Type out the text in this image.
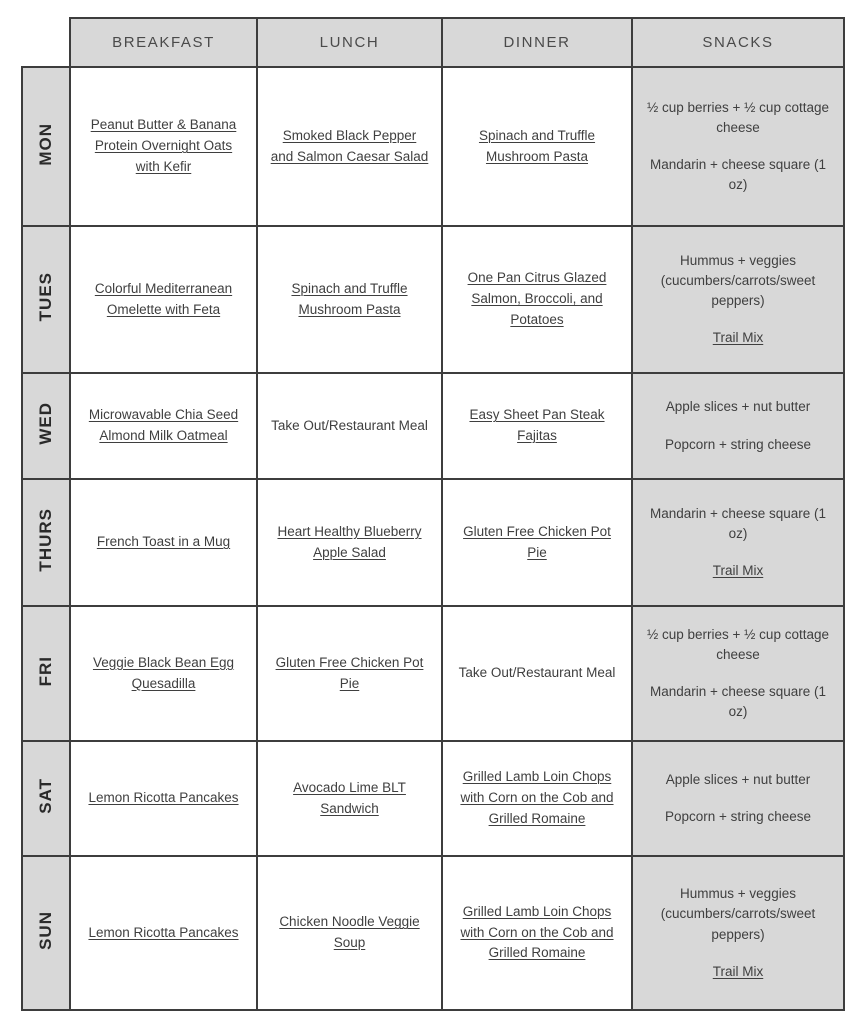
	BREAKFAST	LUNCH	DINNER	SNACKS
MON	Peanut Butter & Banana Protein Overnight Oats with Kefir	Smoked Black Pepper and Salmon Caesar Salad	Spinach and Truffle Mushroom Pasta	½ cup berries + ½ cup cottage cheese
Mandarin + cheese square (1 oz)

TUES	Colorful Mediterranean Omelette with Feta	Spinach and Truffle Mushroom Pasta	One Pan Citrus Glazed Salmon, Broccoli, and Potatoes	Hummus + veggies (cucumbers/carrots/sweet peppers)
Trail Mix

WED	Microwavable Chia Seed Almond Milk Oatmeal	Take Out/Restaurant Meal	Easy Sheet Pan Steak Fajitas	Apple slices + nut butter
Popcorn + string cheese

THURS	French Toast in a Mug	Heart Healthy Blueberry Apple Salad	Gluten Free Chicken Pot Pie	Mandarin + cheese square (1 oz)
Trail Mix

FRI	Veggie Black Bean Egg Quesadilla	Gluten Free Chicken Pot Pie	Take Out/Restaurant Meal	½ cup berries + ½ cup cottage cheese
Mandarin + cheese square (1 oz)

SAT	Lemon Ricotta Pancakes	Avocado Lime BLT Sandwich	Grilled Lamb Loin Chops with Corn on the Cob and Grilled Romaine	Apple slices + nut butter
Popcorn + string cheese

SUN	Lemon Ricotta Pancakes	Chicken Noodle Veggie Soup	Grilled Lamb Loin Chops with Corn on the Cob and Grilled Romaine	Hummus + veggies (cucumbers/carrots/sweet peppers)
Trail Mix
